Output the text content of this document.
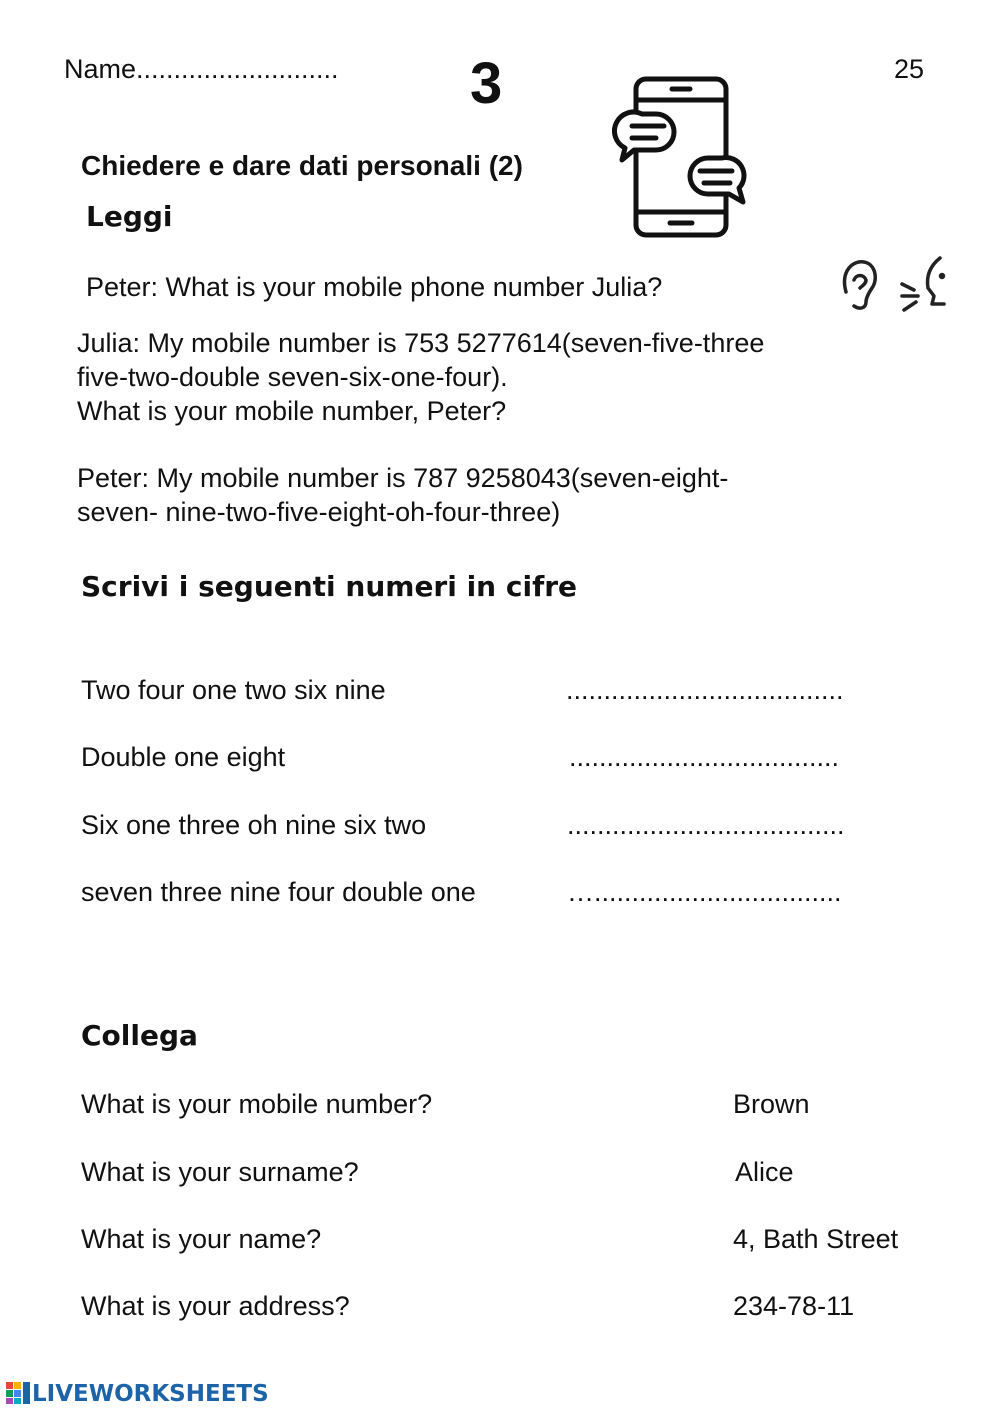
Name........................... 3	25
Chiedere e dare dati personali (2)
Leggi
Peter: What is your mobile phone number Julia?
Julia: My mobile number is 753 5277614(seven-five-three
five-two-double seven-six-one-four).
What is your mobile number, Peter?
Peter: My mobile number is 787 9258043(seven-eight-
seven- nine-two-five-eight-oh-four-three)
Scrivi i seguenti numeri in cifre
Two four one two six nine	.....................................
Double one eight	....................................
Six one three oh nine six two	.....................................
seven three nine four double one	….................................
Collega
What is your mobile number?	Brown
What is your surname?	Alice
What is your name?	4, Bath Street
What is your address?	234-78-11
LIVEWORKSHEETS
